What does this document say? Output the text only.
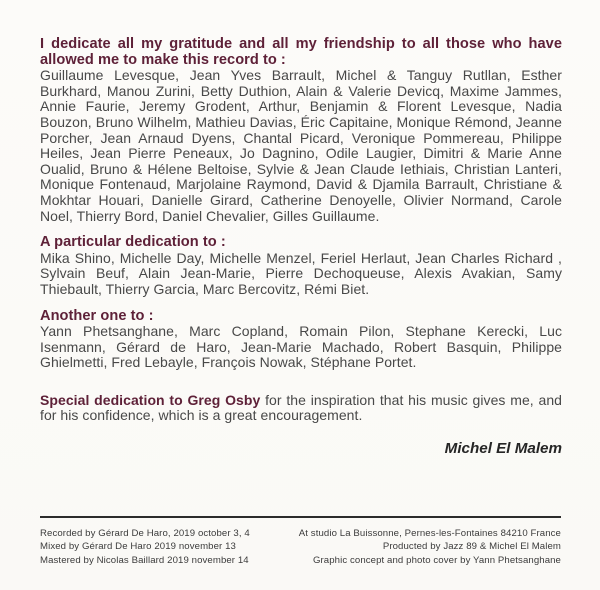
I dedicate all my gratitude and all my friendship to all those who have allowed me to make this record to :

Guillaume Levesque, Jean Yves Barrault, Michel & Tanguy Rutllan, Esther Burkhard, Manou Zurini, Betty Duthion, Alain & Valerie Devicq, Maxime Jammes, Annie Faurie, Jeremy Grodent, Arthur, Benjamin & Florent Levesque, Nadia Bouzon, Bruno Wilhelm, Mathieu Davias, Éric Capitaine, Monique Rémond, Jeanne Porcher, Jean Arnaud Dyens, Chantal Picard, Veronique Pommereau, Philippe Heiles, Jean Pierre Peneaux, Jo Dagnino, Odile Laugier, Dimitri & Marie Anne Oualid, Bruno & Hélene Beltoise, Sylvie & Jean Claude Iethiais, Christian Lanteri, Monique Fontenaud, Marjolaine Raymond, David & Djamila Barrault, Christiane & Mokhtar Houari, Danielle Girard, Catherine Denoyelle, Olivier Normand, Carole Noel, Thierry Bord, Daniel Chevalier, Gilles Guillaume.

A particular dedication to :

Mika Shino, Michelle Day, Michelle Menzel, Feriel Herlaut, Jean Charles Richard , Sylvain Beuf, Alain Jean-Marie, Pierre Dechoqueuse, Alexis Avakian, Samy Thiebault, Thierry Garcia, Marc Bercovitz, Rémi Biet.

Another one to :

Yann Phetsanghane, Marc Copland, Romain Pilon, Stephane Kerecki, Luc Isenmann, Gérard de Haro, Jean-Marie Machado, Robert Basquin, Philippe Ghielmetti, Fred Lebayle, François Nowak, Stéphane Portet.

Special dedication to Greg Osby for the inspiration that his music gives me, and for his confidence, which is a great encouragement.

Michel El Malem
Recorded by Gérard De Haro, 2019 october 3, 4
Mixed by Gérard De Haro 2019 november 13
Mastered by Nicolas Baillard 2019 november 14
At studio La Buissonne, Pernes-les-Fontaines 84210 France
Producted by Jazz 89 & Michel El Malem
Graphic concept and photo cover by Yann Phetsanghane
